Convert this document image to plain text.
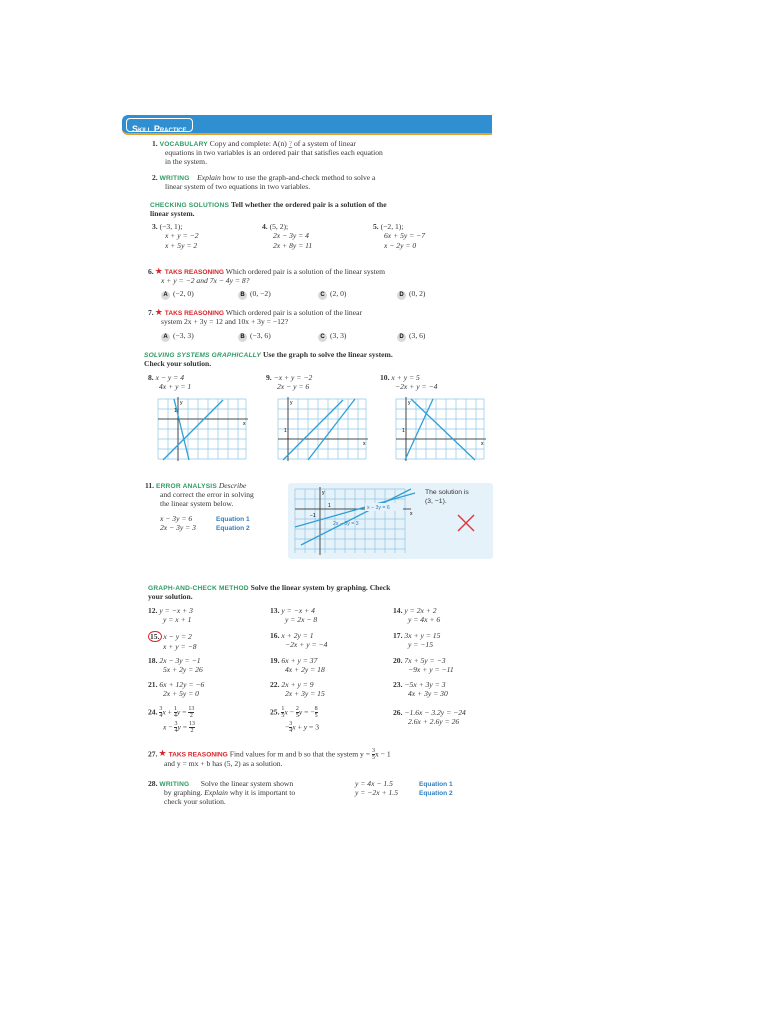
Skill Practice
1. VOCABULARY Copy and complete: A(n) ? of a system of linear
equations in two variables is an ordered pair that satisfies each equation
in the system.
2. WRITING Explain how to use the graph-and-check method to solve a
linear system of two equations in two variables.
CHECKING SOLUTIONS Tell whether the ordered pair is a solution of the
linear system.
3. (−3, 1);
x + y = −2
x + 5y = 2
4. (5, 2);
2x − 3y = 4
2x + 8y = 11
5. (−2, 1);
6x + 5y = −7
x − 2y = 0
6.★ TAKS REASONING Which ordered pair is a solution of the linear system
x + y = −2 and 7x − 4y = 8?
A (−2, 0)	B (0, −2)	C (2, 0)	D (0, 2)
7.★ TAKS REASONING Which ordered pair is a solution of the linear
system 2x + 3y = 12 and 10x + 3y = −12?
A (−3, 3)	B (−3, 6)	C (3, 3)	D (3, 6)
SOLVING SYSTEMS GRAPHICALLY Use the graph to solve the linear system.
Check your solution.
8. x − y = 4
4x + y = 1
9. −x + y = −2
2x − y = 6
10. x + y = 5
−2x + y = −4
y
x
1
y
x
1
y
x
1
11. ERROR ANALYSIS Describe
and correct the error in solving
the linear system below.
x − 3y = 6	Equation 1
2x − 3y = 3	Equation 2
y
x
1
−1
x − 3y = 6
2x − 3y = 3
The solution is
(3, −1).
GRAPH-AND-CHECK METHOD Solve the linear system by graphing. Check
your solution.
12. y = −x + 3
y = x + 1
13. y = −x + 4
y = 2x − 8
14. y = 2x + 2
y = 4x + 6
15. x − y = 2
x + y = −8
16. x + 2y = 1
−2x + y = −4
17. 3x + y = 15
y = −15
18. 2x − 3y = −1
5x + 2y = 26
19. 6x + y = 37
4x + 2y = 18
20. 7x + 5y = −3
−9x + y = −11
21. 6x + 12y = −6
2x + 5y = 0
22. 2x + y = 9
2x + 3y = 15
23. −5x + 3y = 3
4x + 3y = 30
24. $\frac{3}{4}x + \frac{1}{4}y = \frac{13}{2}$
$x - \frac{3}{4}y = \frac{13}{2}$
25. $\frac{1}{5}x - \frac{2}{5}y$ = − $\frac{8}{5}$
− $\frac{3}{4}x + y = 3$
26. −1.6x − 3.2y = −24
2.6x + 2.6y = 26
27.★ TAKS REASONING Find values for m and b so that the system $y = \frac{3}{5}x - 1$
and y = mx + b has (5, 2) as a solution.
28. WRITING Solve the linear system shown
by graphing. Explain why it is important to
check your solution.
y = 4x − 1.5	Equation 1
y = −2x + 1.5	Equation 2
